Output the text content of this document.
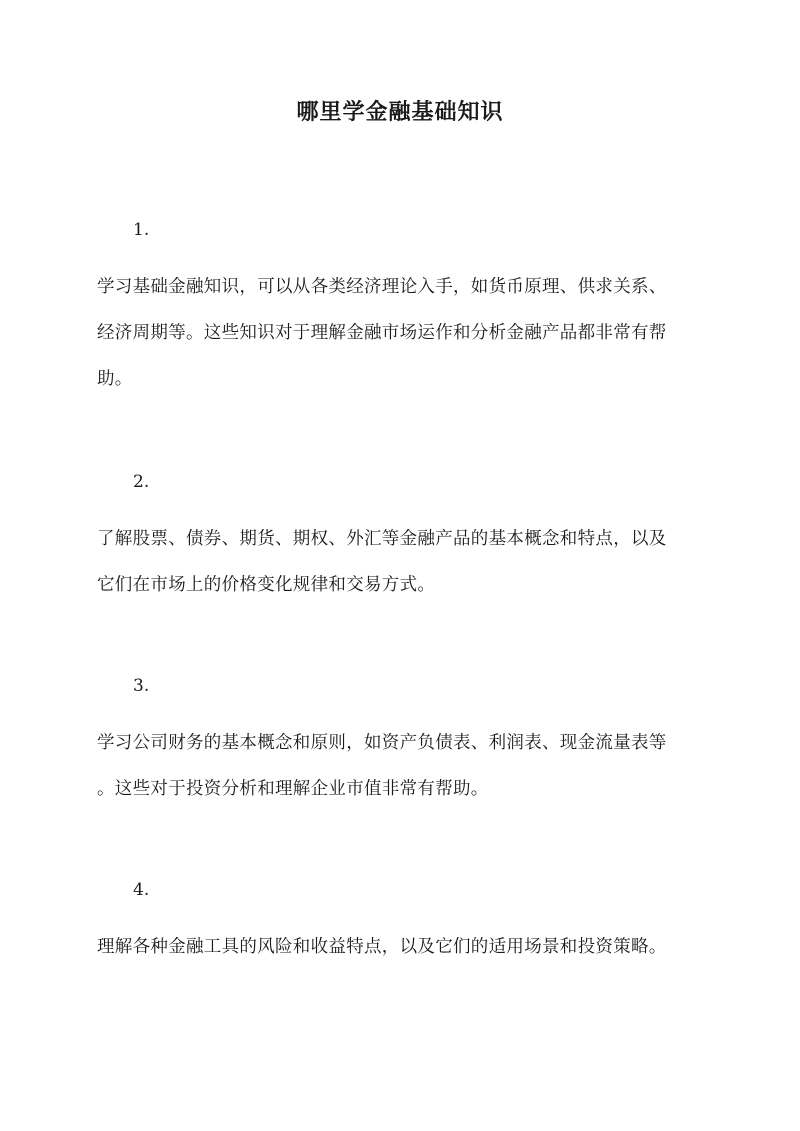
哪里学金融基础知识
1.
学习基础金融知识，可以从各类经济理论入手，如货币原理、供求关系、
经济周期等。这些知识对于理解金融市场运作和分析金融产品都非常有帮
助。
2.
了解股票、债券、期货、期权、外汇等金融产品的基本概念和特点，以及
它们在市场上的价格变化规律和交易方式。
3.
学习公司财务的基本概念和原则，如资产负债表、利润表、现金流量表等
。这些对于投资分析和理解企业市值非常有帮助。
4.
理解各种金融工具的风险和收益特点，以及它们的适用场景和投资策略。
